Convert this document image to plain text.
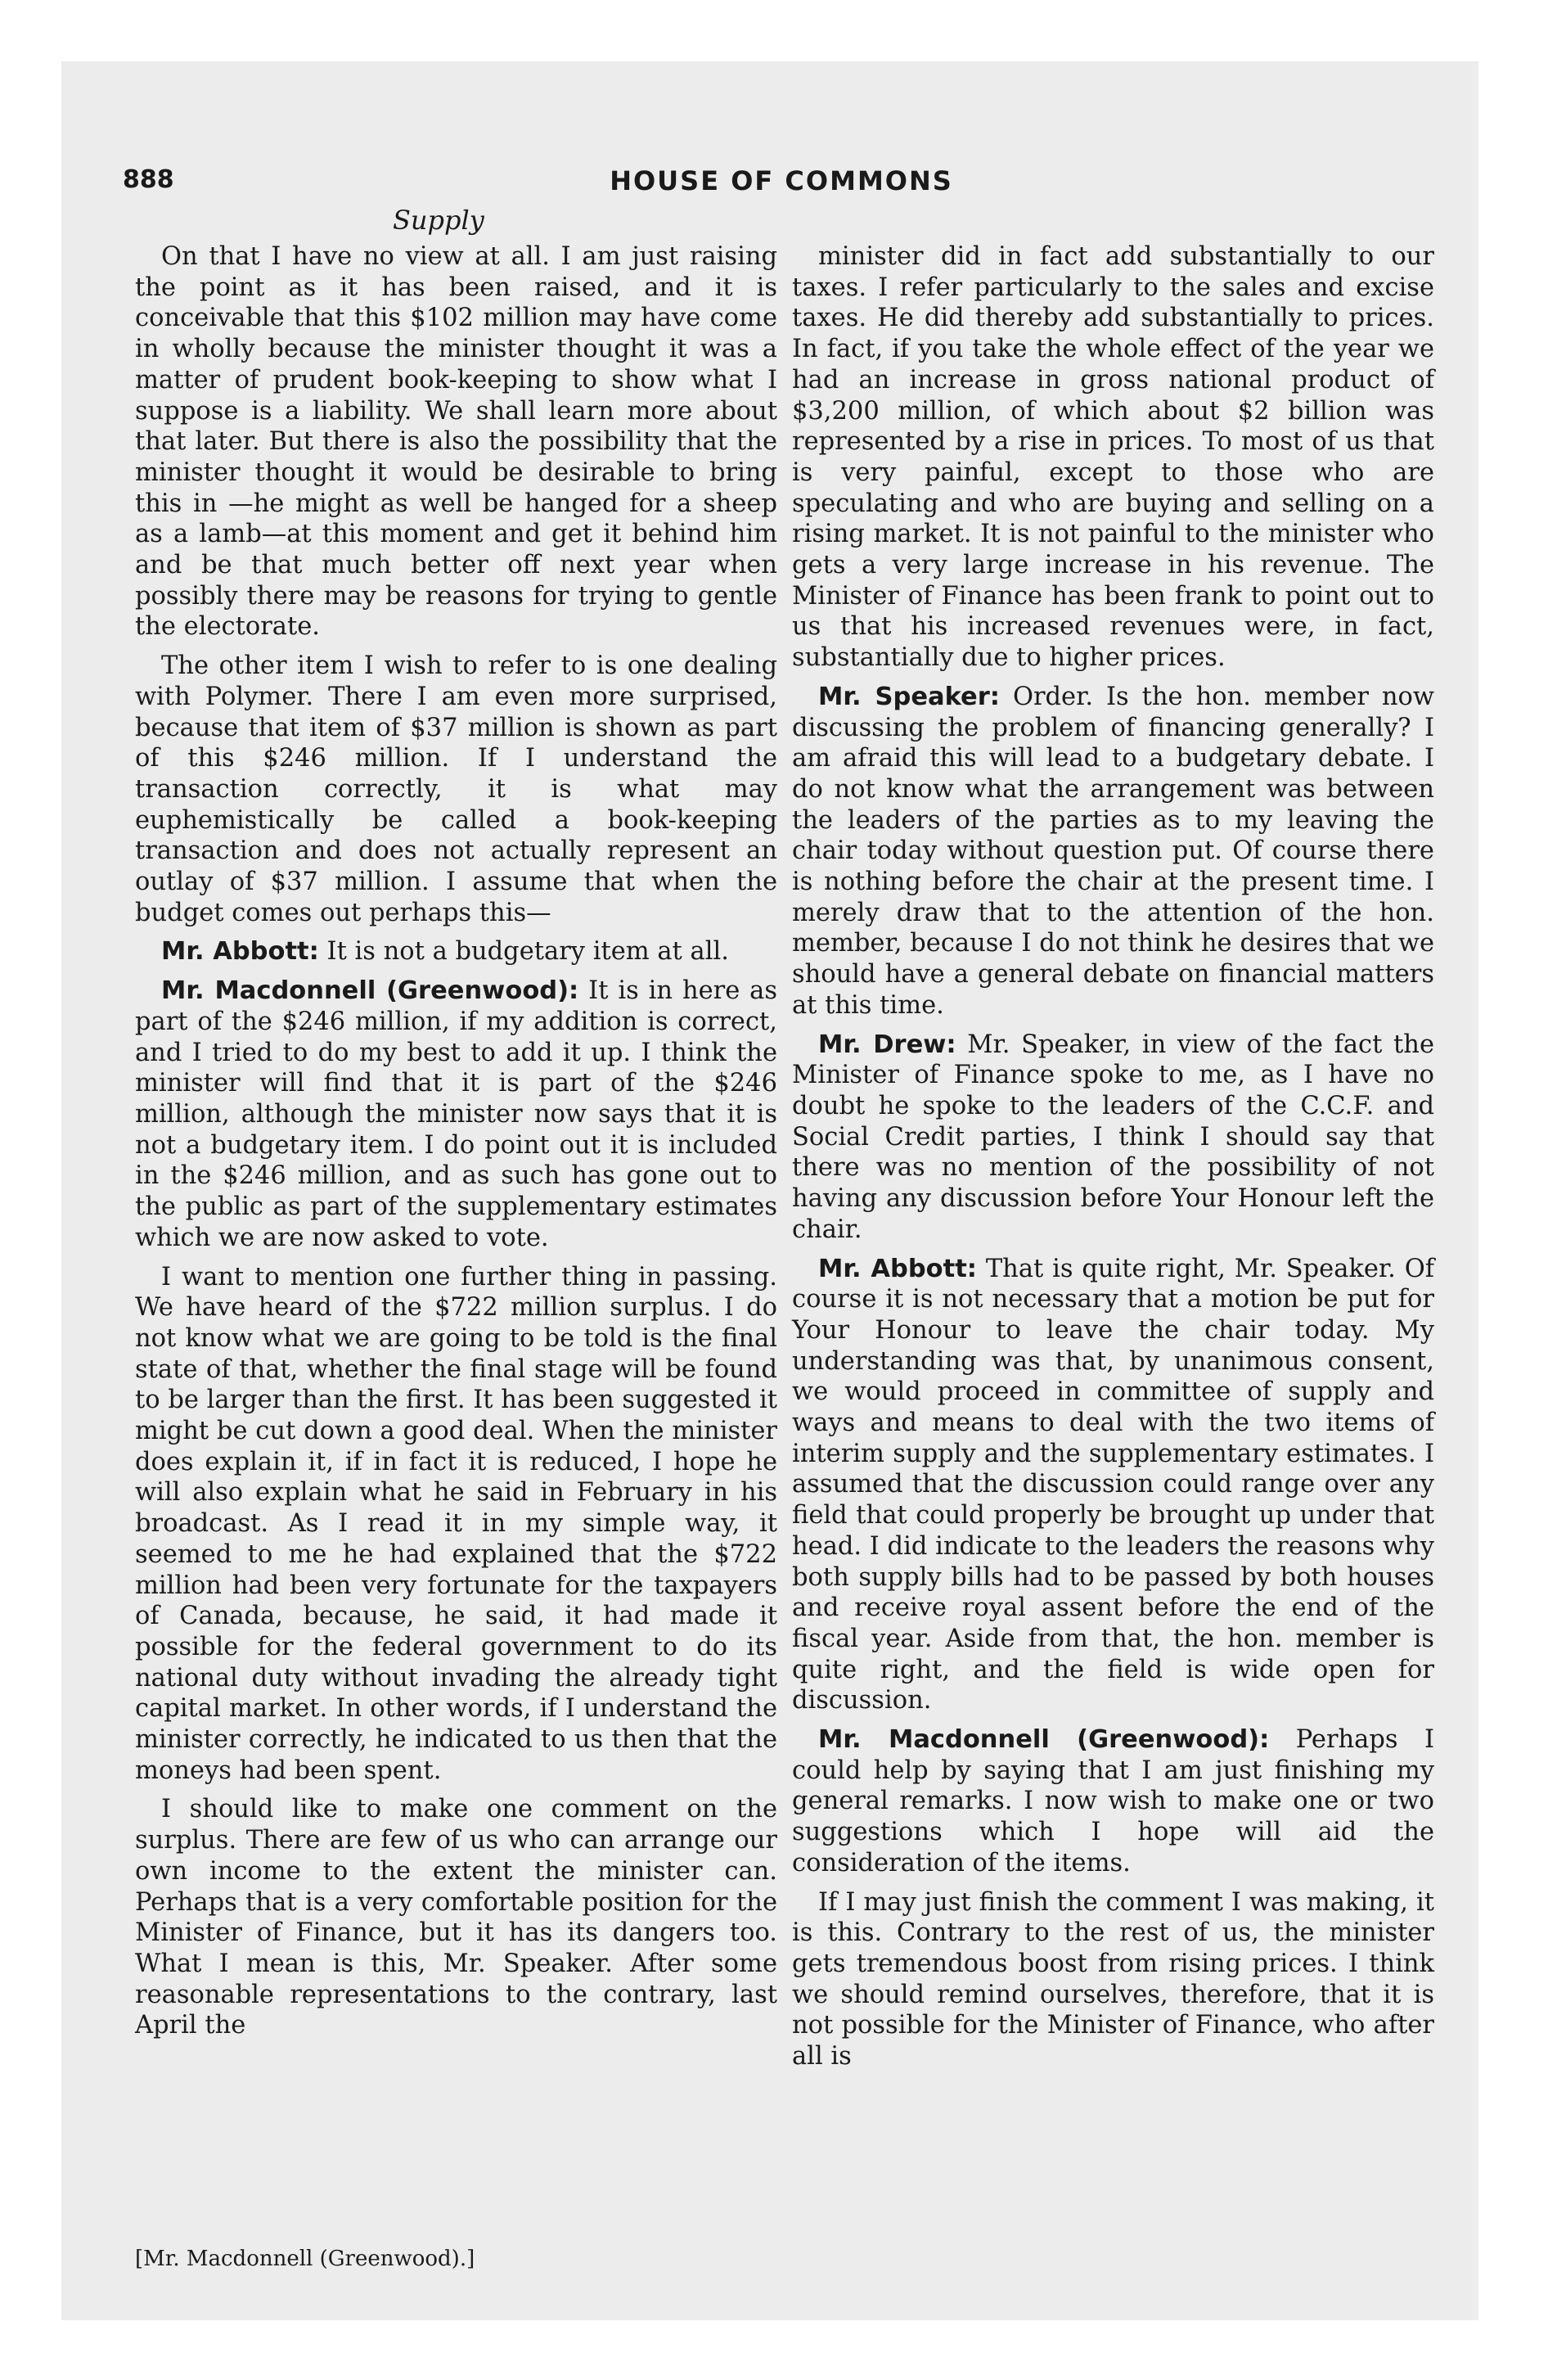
888	HOUSE OF COMMONS
Supply

On that I have no view at all. I am just raising the point as it has been raised, and it is conceivable that this $102 million may have come in wholly because the minister thought it was a matter of prudent book-keeping to show what I suppose is a liability. We shall learn more about that later. But there is also the possibility that the minister thought it would be desirable to bring this in —he might as well be hanged for a sheep as a lamb—at this moment and get it behind him and be that much better off next year when possibly there may be reasons for trying to gentle the electorate.

The other item I wish to refer to is one dealing with Polymer. There I am even more surprised, because that item of $37 million is shown as part of this $246 million. If I understand the transaction correctly, it is what may euphemistically be called a book-keeping transaction and does not actually represent an outlay of $37 million. I assume that when the budget comes out perhaps this—

Mr. Abbott: It is not a budgetary item at all.

Mr. Macdonnell (Greenwood): It is in here as part of the $246 million, if my addition is correct, and I tried to do my best to add it up. I think the minister will find that it is part of the $246 million, although the minister now says that it is not a budgetary item. I do point out it is included in the $246 million, and as such has gone out to the public as part of the supplementary estimates which we are now asked to vote.

I want to mention one further thing in passing. We have heard of the $722 million surplus. I do not know what we are going to be told is the final state of that, whether the final stage will be found to be larger than the first. It has been suggested it might be cut down a good deal. When the minister does explain it, if in fact it is reduced, I hope he will also explain what he said in February in his broadcast. As I read it in my simple way, it seemed to me he had explained that the $722 million had been very fortunate for the taxpayers of Canada, because, he said, it had made it possible for the federal government to do its national duty without invading the already tight capital market. In other words, if I understand the minister correctly, he indicated to us then that the moneys had been spent.

I should like to make one comment on the surplus. There are few of us who can arrange our own income to the extent the minister can. Perhaps that is a very comfortable position for the Minister of Finance, but it has its dangers too. What I mean is this, Mr. Speaker. After some reasonable representations to the contrary, last April the

minister did in fact add substantially to our taxes. I refer particularly to the sales and excise taxes. He did thereby add substantially to prices. In fact, if you take the whole effect of the year we had an increase in gross national product of $3,200 million, of which about $2 billion was represented by a rise in prices. To most of us that is very painful, except to those who are speculating and who are buying and selling on a rising market. It is not painful to the minister who gets a very large increase in his revenue. The Minister of Finance has been frank to point out to us that his increased revenues were, in fact, substantially due to higher prices.

Mr. Speaker: Order. Is the hon. member now discussing the problem of financing generally? I am afraid this will lead to a budgetary debate. I do not know what the arrangement was between the leaders of the parties as to my leaving the chair today without question put. Of course there is nothing before the chair at the present time. I merely draw that to the attention of the hon. member, because I do not think he desires that we should have a general debate on financial matters at this time.

Mr. Drew: Mr. Speaker, in view of the fact the Minister of Finance spoke to me, as I have no doubt he spoke to the leaders of the C.C.F. and Social Credit parties, I think I should say that there was no mention of the possibility of not having any discussion before Your Honour left the chair.

Mr. Abbott: That is quite right, Mr. Speaker. Of course it is not necessary that a motion be put for Your Honour to leave the chair today. My understanding was that, by unanimous consent, we would proceed in committee of supply and ways and means to deal with the two items of interim supply and the supplementary estimates. I assumed that the discussion could range over any field that could properly be brought up under that head. I did indicate to the leaders the reasons why both supply bills had to be passed by both houses and receive royal assent before the end of the fiscal year. Aside from that, the hon. member is quite right, and the field is wide open for discussion.

Mr. Macdonnell (Greenwood): Perhaps I could help by saying that I am just finishing my general remarks. I now wish to make one or two suggestions which I hope will aid the consideration of the items.

If I may just finish the comment I was making, it is this. Contrary to the rest of us, the minister gets tremendous boost from rising prices. I think we should remind ourselves, therefore, that it is not possible for the Minister of Finance, who after all is

[Mr. Macdonnell (Greenwood).]
